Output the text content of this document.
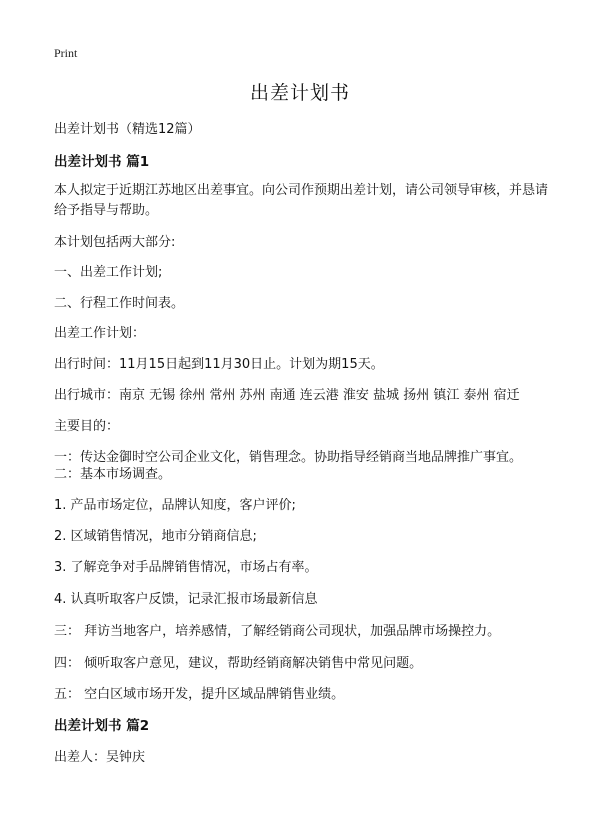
Print
出差计划书
出差计划书（精选12篇）
出差计划书 篇1
本人拟定于近期江苏地区出差事宜。向公司作预期出差计划，请公司领导审核，并恳请给予指导与帮助。
本计划包括两大部分:
一、出差工作计划;
二、行程工作时间表。
出差工作计划：
出行时间：11月15日起到11月30日止。计划为期15天。
出行城市：南京 无锡 徐州 常州 苏州 南通 连云港 淮安 盐城 扬州 镇江 泰州 宿迁
主要目的：
一：传达金御时空公司企业文化，销售理念。协助指导经销商当地品牌推广事宜。
二：基本市场调查。
1. 产品市场定位，品牌认知度，客户评价;
2. 区域销售情况，地市分销商信息;
3. 了解竞争对手品牌销售情况，市场占有率。
4. 认真听取客户反馈，记录汇报市场最新信息
三： 拜访当地客户，培养感情，了解经销商公司现状，加强品牌市场操控力。
四： 倾听取客户意见，建议，帮助经销商解决销售中常见问题。
五： 空白区域市场开发，提升区域品牌销售业绩。
出差计划书 篇2
出差人：吴钟庆
